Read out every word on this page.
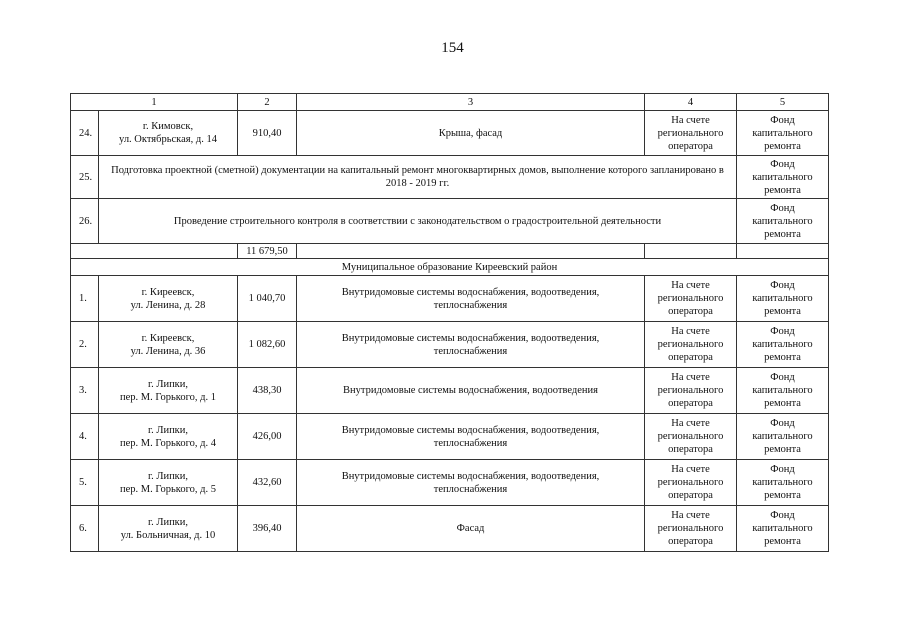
154
1		2	3	4	5
24.	г. Кимовск,
ул. Октябрьская, д. 14	910,40	Крыша, фасад	На счете
регионального
оператора	Фонд
капитального
ремонта
25.	Подготовка проектной (сметной) документации на капитальный ремонт многоквартирных домов, выполнение которого запланировано в 2018 - 2019 гг.				Фонд
капитального
ремонта
26.	Проведение строительного контроля в соответствии с законодательством о градостроительной деятельности				Фонд
капитального
ремонта
		11 679,50			
Муниципальное образование Киреевский район					
1.	г. Киреевск,
ул. Ленина, д. 28	1 040,70	Внутридомовые системы водоснабжения, водоотведения,
теплоснабжения	На счете
регионального
оператора	Фонд
капитального
ремонта
2.	г. Киреевск,
ул. Ленина, д. 36	1 082,60	Внутридомовые системы водоснабжения, водоотведения,
теплоснабжения	На счете
регионального
оператора	Фонд
капитального
ремонта
3.	г. Липки,
пер. М. Горького, д. 1	438,30	Внутридомовые системы водоснабжения, водоотведения	На счете
регионального
оператора	Фонд
капитального
ремонта
4.	г. Липки,
пер. М. Горького, д. 4	426,00	Внутридомовые системы водоснабжения, водоотведения,
теплоснабжения	На счете
регионального
оператора	Фонд
капитального
ремонта
5.	г. Липки,
пер. М. Горького, д. 5	432,60	Внутридомовые системы водоснабжения, водоотведения,
теплоснабжения	На счете
регионального
оператора	Фонд
капитального
ремонта
6.	г. Липки,
ул. Больничная, д. 10	396,40	Фасад	На счете
регионального
оператора	Фонд
капитального
ремонта
